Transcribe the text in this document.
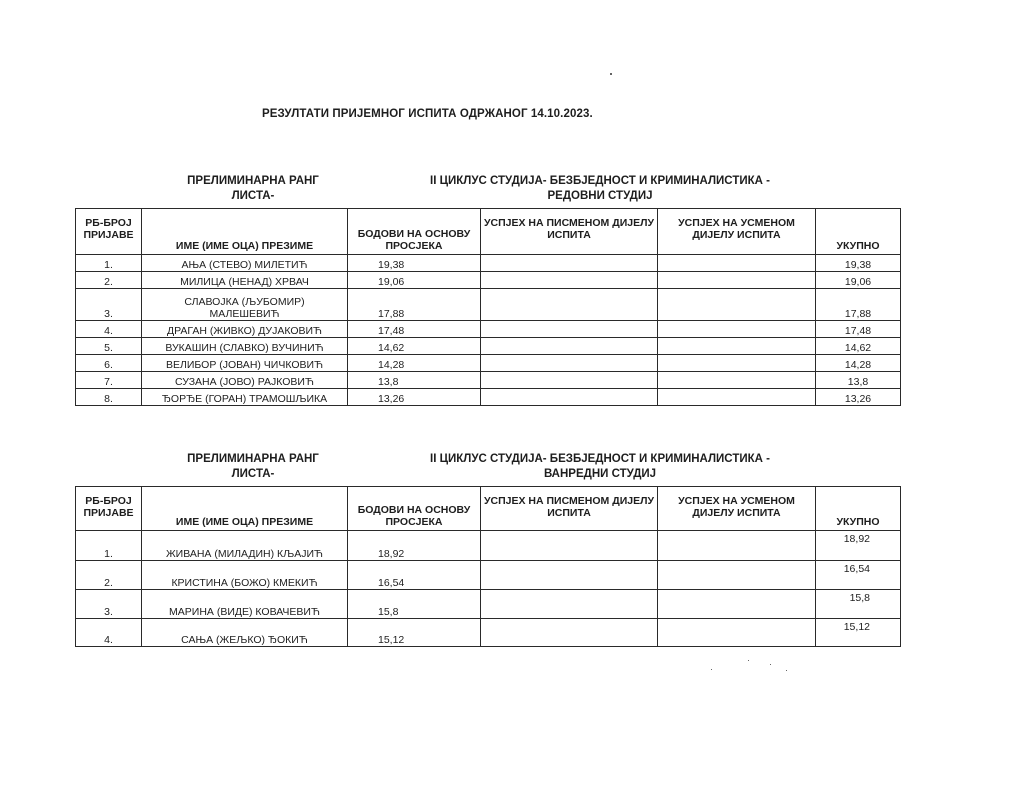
РЕЗУЛТАТИ ПРИЈЕМНОГ ИСПИТА ОДРЖАНОГ 14.10.2023.
ПРЕЛИМИНАРНА РАНГ ЛИСТА-
II ЦИКЛУС СТУДИЈА- БЕЗБЈЕДНОСТ И КРИМИНАЛИСТИКА - РЕДОВНИ СТУДИЈ
РБ-БРОЈ ПРИЈАВЕ	ИМЕ (ИМЕ ОЦА) ПРЕЗИМЕ	БОДОВИ НА ОСНОВУ ПРОСЈЕКА	УСПЈЕХ НА ПИСМЕНОМ ДИЈЕЛУ ИСПИТА	УСПЈЕХ НА УСМЕНОМ ДИЈЕЛУ ИСПИТА	УКУПНО
1.	АЊА (СТЕВО) МИЛЕТИЋ	19,38			19,38
2.	МИЛИЦА (НЕНАД) ХРВАЧ	19,06			19,06
3.	СЛАВОЈКА (ЉУБОМИР) МАЛЕШЕВИЋ	17,88			17,88
4.	ДРАГАН (ЖИВКО) ДУЈАКОВИЋ	17,48			17,48
5.	ВУКАШИН (СЛАВКО) ВУЧИНИЋ	14,62			14,62
6.	ВЕЛИБОР (ЈОВАН) ЧИЧКОВИЋ	14,28			14,28
7.	СУЗАНА (ЈОВО) РАЈКОВИЋ	13,8			13,8
8.	ЂОРЂЕ (ГОРАН) ТРАМОШЉИКА	13,26			13,26
ПРЕЛИМИНАРНА РАНГ ЛИСТА-
II ЦИКЛУС СТУДИЈА- БЕЗБЈЕДНОСТ И КРИМИНАЛИСТИКА - ВАНРЕДНИ СТУДИЈ
РБ-БРОЈ ПРИЈАВЕ	ИМЕ (ИМЕ ОЦА) ПРЕЗИМЕ	БОДОВИ НА ОСНОВУ ПРОСЈЕКА	УСПЈЕХ НА ПИСМЕНОМ ДИЈЕЛУ ИСПИТА	УСПЈЕХ НА УСМЕНОМ ДИЈЕЛУ ИСПИТА	УКУПНО
1.	ЖИВАНА (МИЛАДИН) КЉАЈИЋ	18,92			18,92
2.	КРИСТИНА (БОЖО) КМЕКИЋ	16,54			16,54
3.	МАРИНА (ВИДЕ) КОВАЧЕВИЋ	15,8			15,8
4.	САЊА (ЖЕЉКО) ЂОКИЋ	15,12			15,12
